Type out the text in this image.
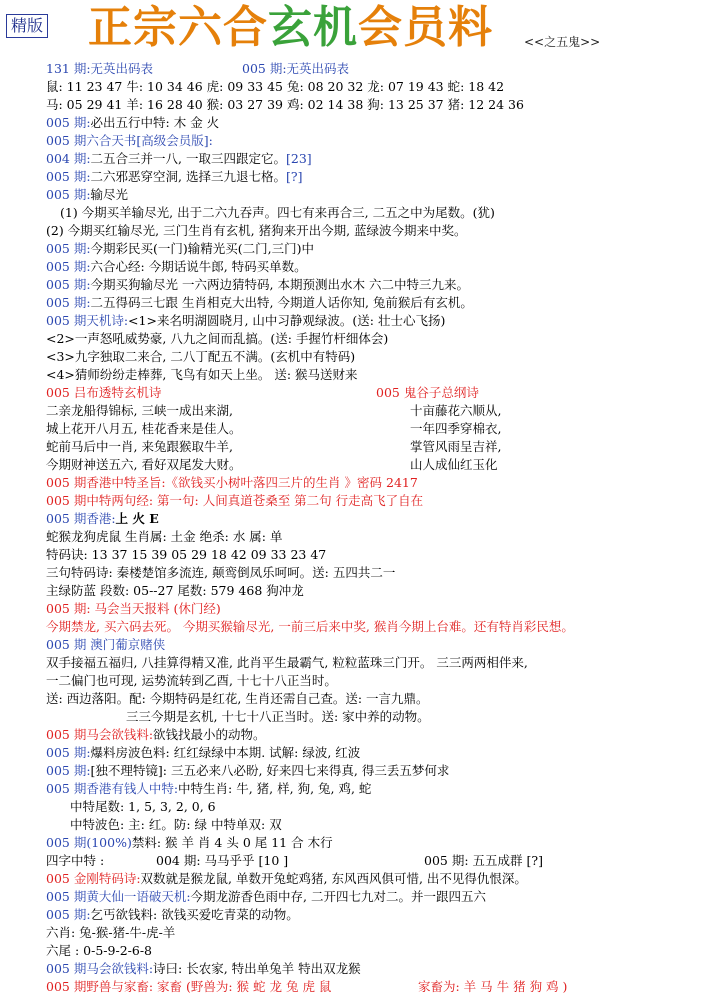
精版 正宗六合玄机会员料	<<之五鬼>>
131 期:无英出码表	005 期:无英出码表
鼠: 11 23 47 牛: 10 34 46 虎: 09 33 45 兔: 08 20 32 龙: 07 19 43 蛇: 18 42
马: 05 29 41 羊: 16 28 40 猴: 03 27 39 鸡: 02 14 38 狗: 13 25 37 猪: 12 24 36
005 期:必出五行中特: 木 金 火
005 期六合天书[高级会员版]:
004 期:二五合三并一八, 一取三四跟定它。[23]
005 期:二六邪恶穿空洞, 选择三九退七格。[?]
005 期:输尽光
(1) 今期买羊输尽光, 出于二六九吞声。四七有来再合三, 二五之中为尾数。(犹)
(2) 今期买红输尽光, 三门生肖有玄机, 猪狗来开出今期, 蓝绿波今期来中奖。
005 期:今期彩民买(一门)输精光买(二门,三门)中
005 期:六合心经: 今期话说牛郎, 特码买单数。
005 期:今期买狗输尽光 一六两边猜特码, 本期预测出水木 六二中特三九来。
005 期:二五得码三七跟 生肖相克大出特, 今期道人话你知, 兔前猴后有玄机。
005 期天机诗:<1>来名明湖圆晓月, 山中习静观绿波。(送: 壮士心飞扬)
<2>一声怒吼威势豪, 八九之间而乱搞。(送: 手握竹杆细体会)
<3>九字独取二来合, 二八丁配五不满。(玄机中有特码)
<4>猜师纷纷走棒葬, 飞鸟有如天上坐。 送: 猴马送财来
005 吕布透特玄机诗	005 鬼谷子总纲诗
二亲龙船得锦标, 三峡一成出来湖,	十亩藤花六顺从,
城上花开八月五, 桂花香来是佳人。	一年四季穿棉衣,
蛇前马后中一肖, 来兔跟猴取牛羊,	掌管风雨呈吉祥,
今期财神送五六, 看好双尾发大财。	山人成仙红玉化
005 期香港中特圣旨:《欲钱买小树叶落四三片的生肖 》密码 2417
005 期中特两句经: 第一句: 人间真道苍桑至 第二句 行走高飞了自在
005 期香港:上 火 E
蛇猴龙狗虎鼠 生肖属: 土金 绝杀: 水 属: 单
特码诀: 13 37 15 39 05 29 18 42 09 33 23 47
三句特码诗: 秦楼楚馆多流连, 颠鸾倒凤乐呵呵。送: 五四共二一
主绿防蓝 段数: 05--27 尾数: 579 468 狗冲龙
005 期: 马会当天报料 (休门经)
今期禁龙, 买六码去死。 今期买猴输尽光, 一前三后来中奖, 猴肖今期上台难。还有特肖彩民想。
005 期 澳门葡京赌侠
双手接福五福归, 八挂算得精又准, 此肖平生最霸气, 粒粒蓝珠三门开。 三三两两相伴来,
一二偏门也可现, 运势流转到乙酉, 十七十八正当时。
送: 西边落阳。配: 今期特码是红花, 生肖还需自己查。送: 一言九鼎。
三三今期是玄机, 十七十八正当时。送: 家中养的动物。
005 期马会欲钱料:欲钱找最小的动物。
005 期:爆料房波色料: 红红绿绿中本期. 试解: 绿波, 红波
005 期:[独不理特镜]: 三五必来八必盼, 好来四七来得真, 得三丢五梦何求
005 期香港有钱人中特:中特生肖: 牛, 猪, 样, 狗, 兔, 鸡, 蛇
中特尾数: 1, 5, 3, 2, 0, 6
中特波色: 主: 红。防: 绿 中特单双: 双
005 期(100%)禁料: 猴 羊 肖 4 头 0 尾 11 合 木行
四字中特 :	004 期: 马马乎乎 [10 ]	005 期: 五五成群 [?]
005 金刚特码诗:双数就是猴龙鼠, 单数开兔蛇鸡猪, 东风西风俱可惜, 出不见得仇恨深。
005 期黄大仙一语破天机:今期龙游香色雨中存, 二开四七九对二。并一跟四五六
005 期:乞丐欲钱料: 欲钱买爱吃青菜的动物。
六肖: 兔-猴-猪-牛-虎-羊
六尾 : 0-5-9-2-6-8
005 期马会欲钱料:诗曰: 长农家, 特出单兔羊 特出双龙猴
005 期野兽与家畜: 家畜 (野兽为: 猴 蛇 龙 兔 虎 鼠	家畜为: 羊 马 牛 猪 狗 鸡 )
